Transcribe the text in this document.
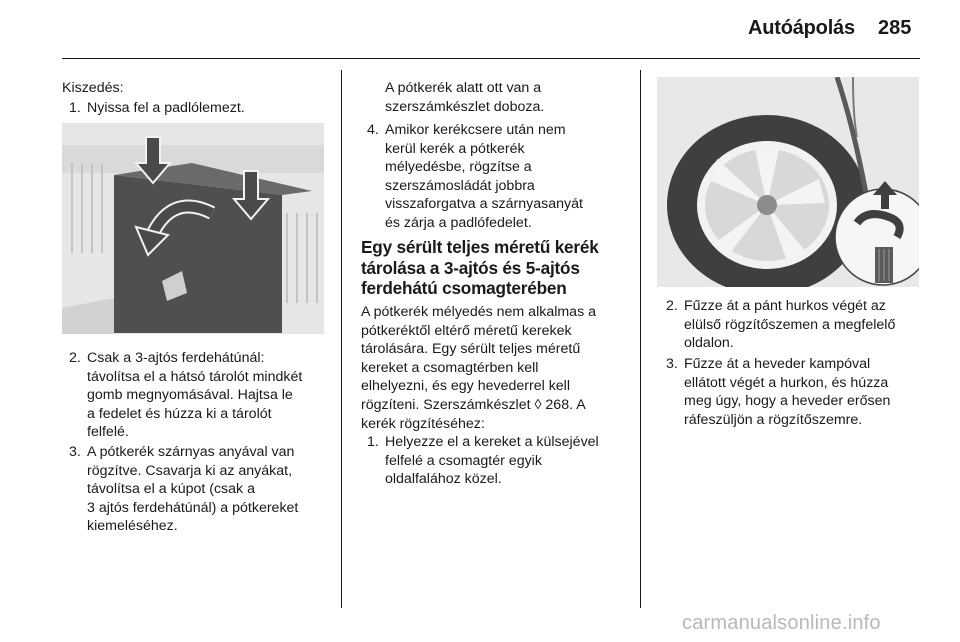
Autóápolás 285
Kiszedés:
1. Nyissa fel a padlólemezt.
2. Csak a 3-ajtós ferdehátúnál:
távolítsa el a hátsó tárolót mindkét
gomb megnyomásával. Hajtsa le
a fedelet és húzza ki a tárolót
felfelé.
3. A pótkerék szárnyas anyával van
rögzítve. Csavarja ki az anyákat,
távolítsa el a kúpot (csak a
3 ajtós ferdehátúnál) a pótkereket
kiemeléséhez.
A pótkerék alatt ott van a
szerszámkészlet doboza.
4. Amikor kerékcsere után nem
kerül kerék a pótkerék
mélyedésbe, rögzítse a
szerszámosládát jobbra
visszaforgatva a szárnyasanyát
és zárja a padlófedelet.
Egy sérült teljes méretű kerék
tárolása a 3-ajtós és 5-ajtós
ferdehátú csomagterében
A pótkerék mélyedés nem alkalmas a
pótkeréktől eltérő méretű kerekek
tárolására. Egy sérült teljes méretű
kereket a csomagtérben kell
elhelyezni, és egy hevederrel kell
rögzíteni. Szerszámkészlet ◊ 268. A
kerék rögzítéséhez:
1. Helyezze el a kereket a külsejével
felfelé a csomagtér egyik
oldalfalához közel.
2. Fűzze át a pánt hurkos végét az
elülső rögzítőszemen a megfelelő
oldalon.
3. Fűzze át a heveder kampóval
ellátott végét a hurkon, és húzza
meg úgy, hogy a heveder erősen
ráfeszüljön a rögzítőszemre.
carmanualsonline.info
